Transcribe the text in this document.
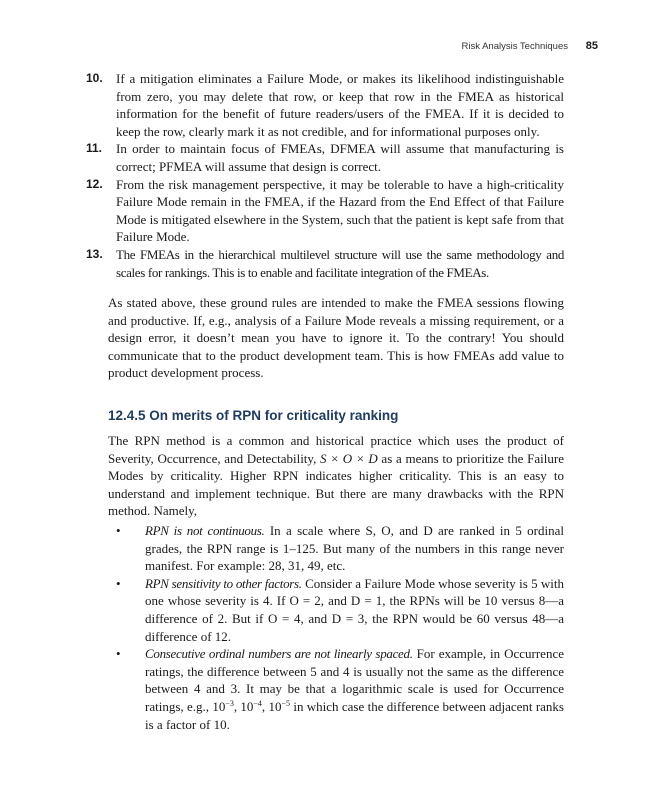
Risk Analysis Techniques 85
10. If a mitigation eliminates a Failure Mode, or makes its likelihood indistinguishable from zero, you may delete that row, or keep that row in the FMEA as historical information for the benefit of future readers/users of the FMEA. If it is decided to keep the row, clearly mark it as not credible, and for informational purposes only.
11. In order to maintain focus of FMEAs, DFMEA will assume that manufacturing is correct; PFMEA will assume that design is correct.
12. From the risk management perspective, it may be tolerable to have a high-criticality Failure Mode remain in the FMEA, if the Hazard from the End Effect of that Failure Mode is mitigated elsewhere in the System, such that the patient is kept safe from that Failure Mode.
13. The FMEAs in the hierarchical multilevel structure will use the same methodology and scales for rankings. This is to enable and facilitate integration of the FMEAs.

As stated above, these ground rules are intended to make the FMEA sessions flowing and productive. If, e.g., analysis of a Failure Mode reveals a missing requirement, or a design error, it doesn’t mean you have to ignore it. To the contrary! You should communicate that to the product development team. This is how FMEAs add value to product development process.

12.4.5 On merits of RPN for criticality ranking

The RPN method is a common and historical practice which uses the product of Severity, Occurrence, and Detectability, S × O × D as a means to prioritize the Failure Modes by criticality. Higher RPN indicates higher criticality. This is an easy to understand and implement technique. But there are many drawbacks with the RPN method. Namely,

• RPN is not continuous. In a scale where S, O, and D are ranked in 5 ordinal grades, the RPN range is 1–125. But many of the numbers in this range never manifest. For example: 28, 31, 49, etc.
• RPN sensitivity to other factors. Consider a Failure Mode whose severity is 5 with one whose severity is 4. If O = 2, and D = 1, the RPNs will be 10 versus 8—a difference of 2. But if O = 4, and D = 3, the RPN would be 60 versus 48—a difference of 12.
• Consecutive ordinal numbers are not linearly spaced. For example, in Occurrence ratings, the difference between 5 and 4 is usually not the same as the difference between 4 and 3. It may be that a logarithmic scale is used for Occurrence ratings, e.g., $10^{-3}$, $10^{-4}$, $10^{-5}$ in which case the difference between adjacent ranks is a factor of 10.
